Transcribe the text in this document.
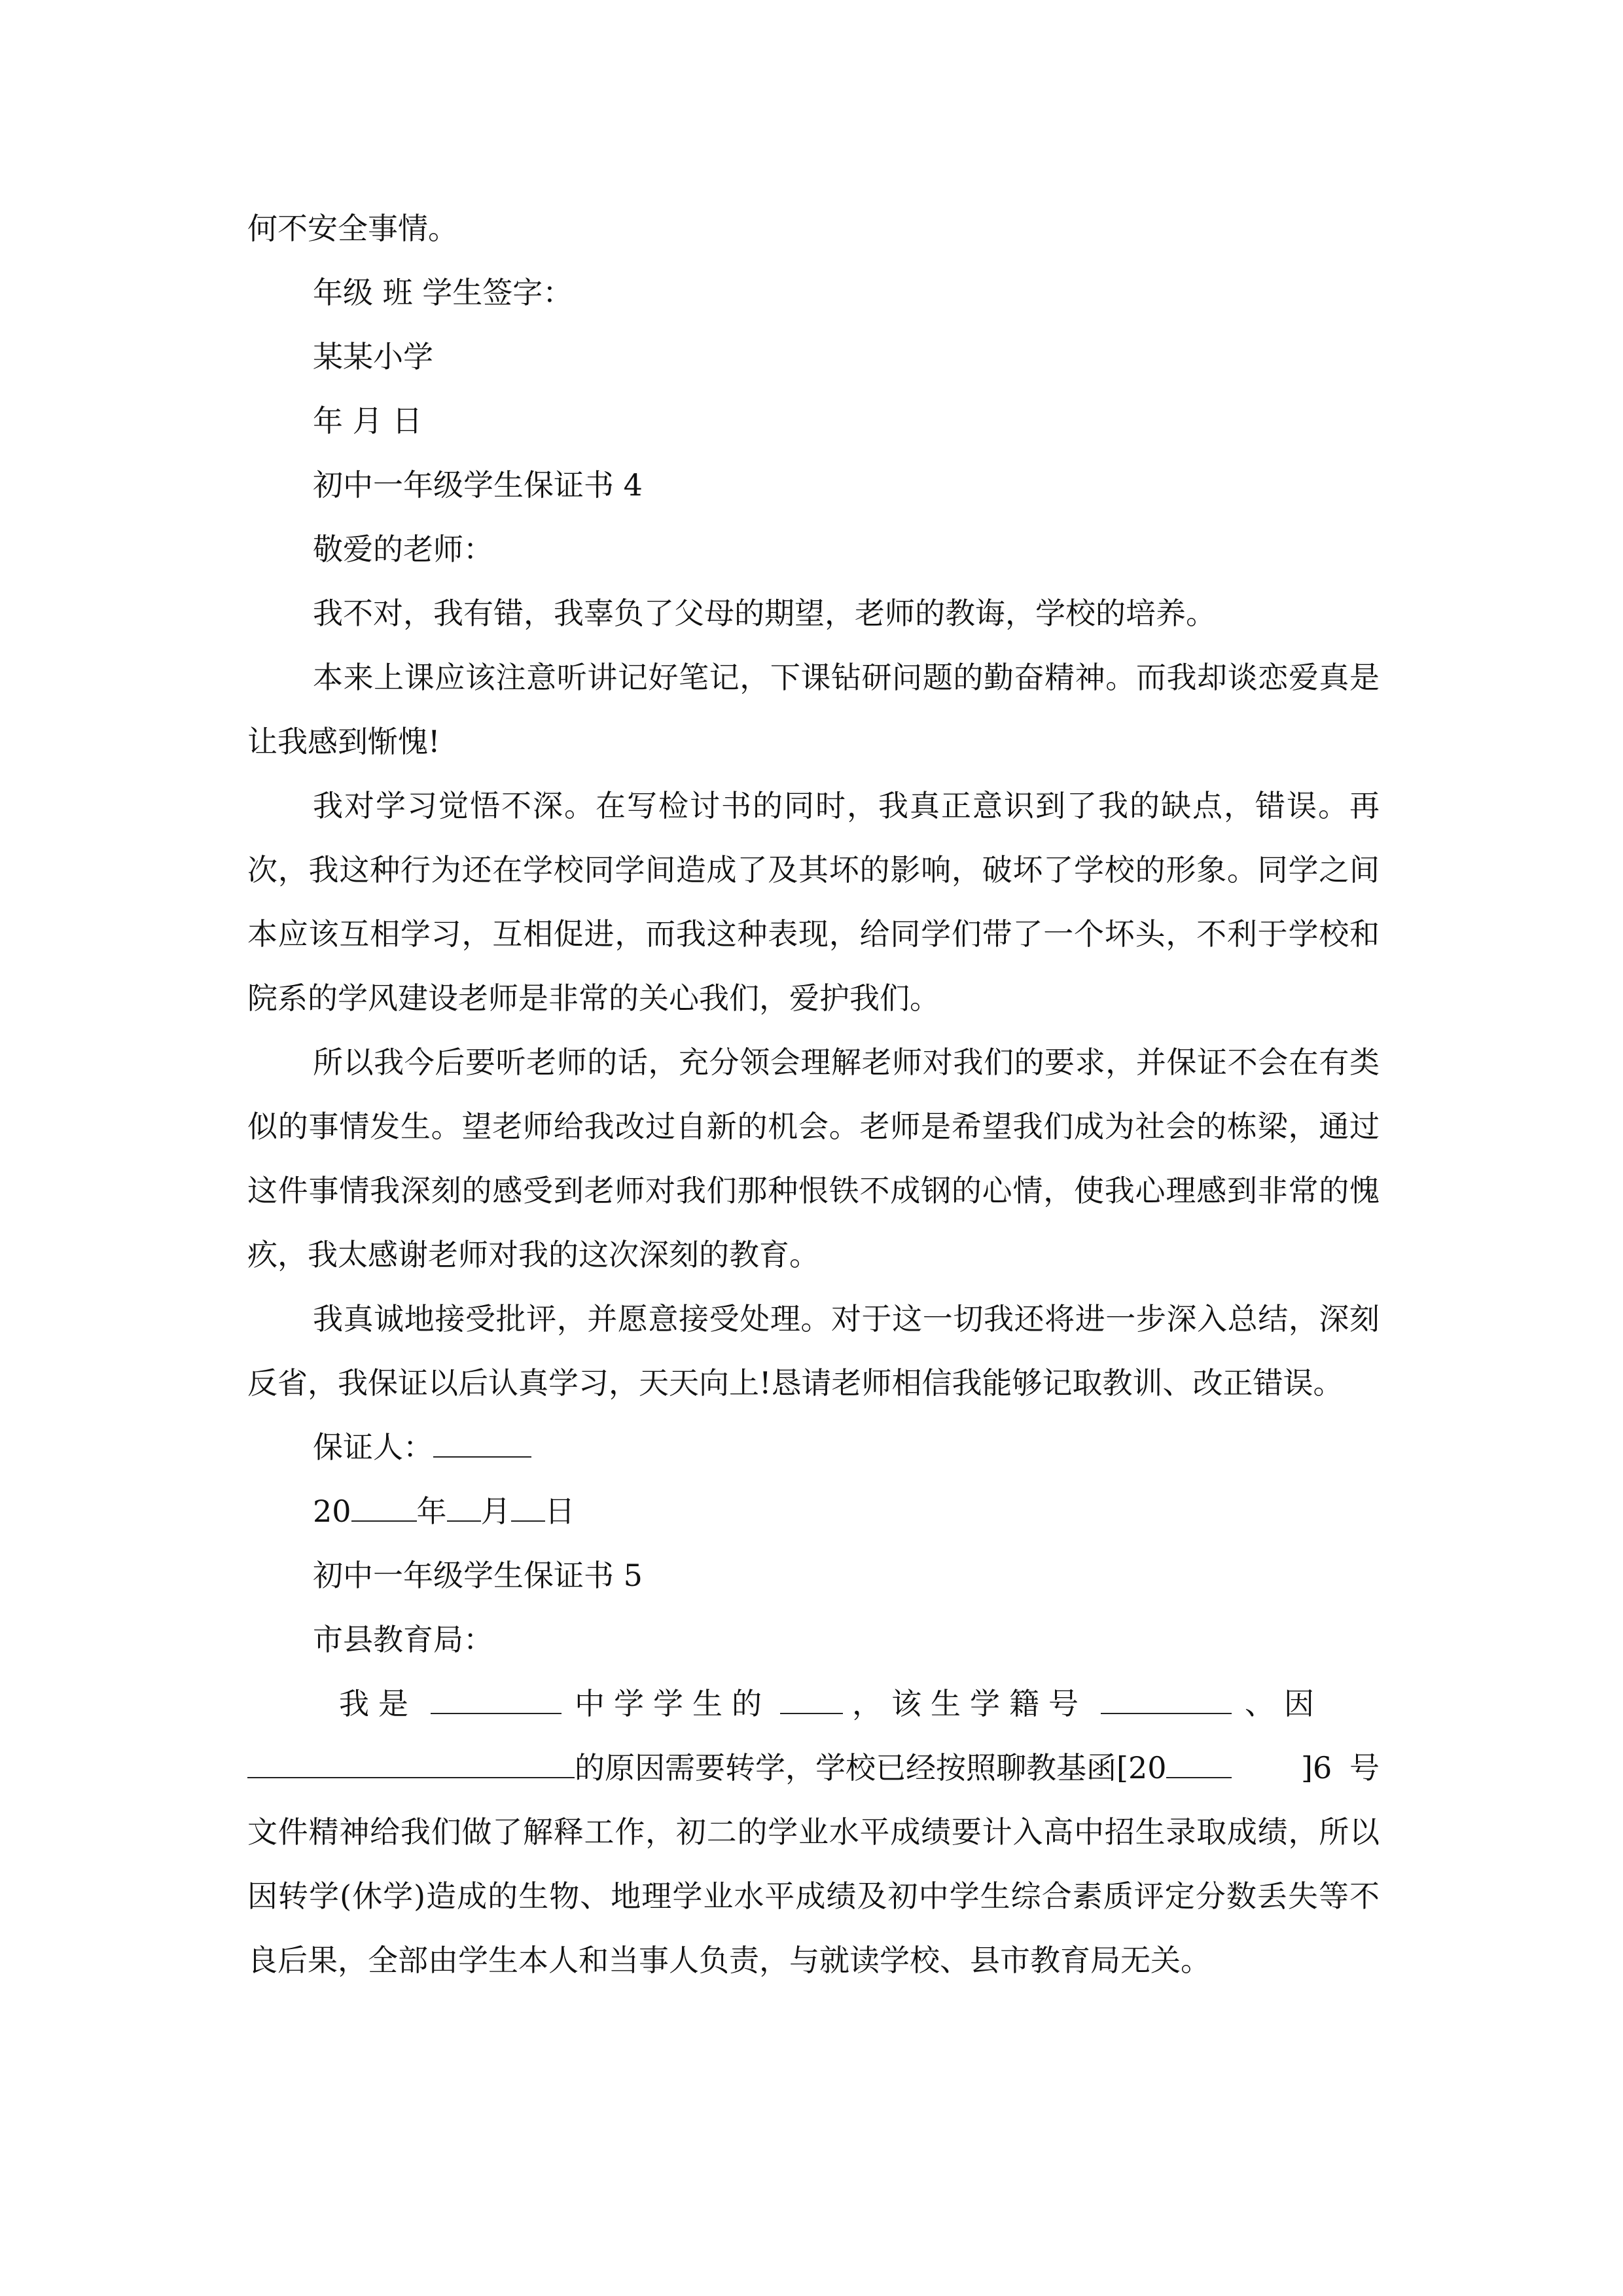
何不安全事情。
年级 班 学生签字：
某某小学
年 月 日
初中一年级学生保证书 4
敬爱的老师：

我不对，我有错，我辜负了父母的期望，老师的教诲，学校的培养。

本来上课应该注意听讲记好笔记，下课钻研问题的勤奋精神。而我却谈恋爱真是让我感到惭愧!

我对学习觉悟不深。在写检讨书的同时，我真正意识到了我的缺点，错误。再次，我这种行为还在学校同学间造成了及其坏的影响，破坏了学校的形象。同学之间本应该互相学习，互相促进，而我这种表现，给同学们带了一个坏头，不利于学校和院系的学风建设老师是非常的关心我们，爱护我们。

所以我今后要听老师的话，充分领会理解老师对我们的要求，并保证不会在有类似的事情发生。望老师给我改过自新的机会。老师是希望我们成为社会的栋梁，通过这件事情我深刻的感受到老师对我们那种恨铁不成钢的心情，使我心理感到非常的愧疚，我太感谢老师对我的这次深刻的教育。

我真诚地接受批评，并愿意接受处理。对于这一切我还将进一步深入总结，深刻反省，我保证以后认真学习，天天向上!恳请老师相信我能够记取教训、改正错误。

保证人：
20 年 月 日
初中一年级学生保证书 5
市县教育局：
我是	中学学生的	，该生学籍号	、因
的原因需要转学，学校已经按照聊教基函[20	]6 号文件精神给我们做了解释工作，初二的学业水平成绩要计入高中招生录取成绩，所以因转学(休学)造成的生物、地理学业水平成绩及初中学生综合素质评定分数丢失等不良后果，全部由学生本人和当事人负责，与就读学校、县市教育局无关。
